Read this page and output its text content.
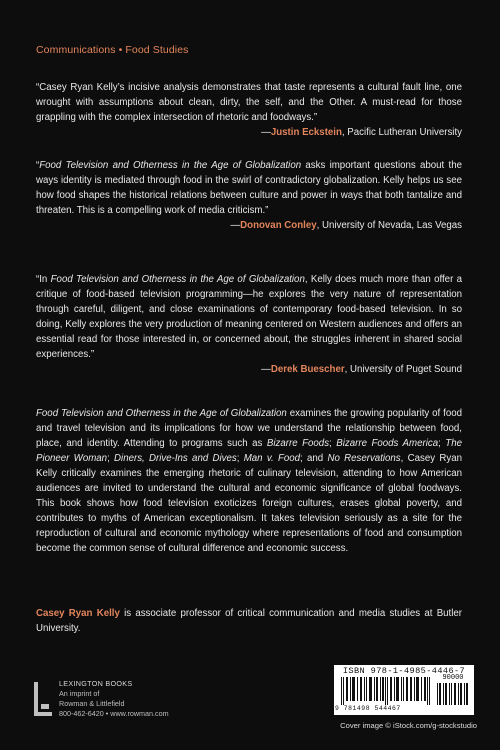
Communications • Food Studies
“Casey Ryan Kelly’s incisive analysis demonstrates that taste represents a cultural fault line, one wrought with assumptions about clean, dirty, the self, and the Other. A must-read for those grappling with the complex intersection of rhetoric and foodways.”
—Justin Eckstein, Pacific Lutheran University
“Food Television and Otherness in the Age of Globalization asks important questions about the ways identity is mediated through food in the swirl of contradictory globalization. Kelly helps us see how food shapes the historical relations between culture and power in ways that both tantalize and threaten. This is a compelling work of media criticism.”
—Donovan Conley, University of Nevada, Las Vegas
“In Food Television and Otherness in the Age of Globalization, Kelly does much more than offer a critique of food-based television programming—he explores the very nature of representation through careful, diligent, and close examinations of contemporary food-based television. In so doing, Kelly explores the very production of meaning centered on Western audiences and offers an essential read for those interested in, or concerned about, the struggles inherent in shared social experiences.”
—Derek Buescher, University of Puget Sound
Food Television and Otherness in the Age of Globalization examines the growing popularity of food and travel television and its implications for how we understand the relationship between food, place, and identity. Attending to programs such as Bizarre Foods; Bizarre Foods America; The Pioneer Woman; Diners, Drive-Ins and Dives; Man v. Food; and No Reservations, Casey Ryan Kelly critically examines the emerging rhetoric of culinary television, attending to how American audiences are invited to understand the cultural and economic significance of global foodways. This book shows how food television exoticizes foreign cultures, erases global poverty, and contributes to myths of American exceptionalism. It takes television seriously as a site for the reproduction of cultural and economic mythology where representations of food and consumption become the common sense of cultural difference and economic success.
Casey Ryan Kelly is associate professor of critical communication and media studies at Butler University.
LEXINGTON BOOKS
An imprint of
Rowman & Littlefield
800-462-6420 • www.rowman.com
ISBN 978-1-4985-4446-7
90000
9 781498 544467
Cover image © iStock.com/g-stockstudio
